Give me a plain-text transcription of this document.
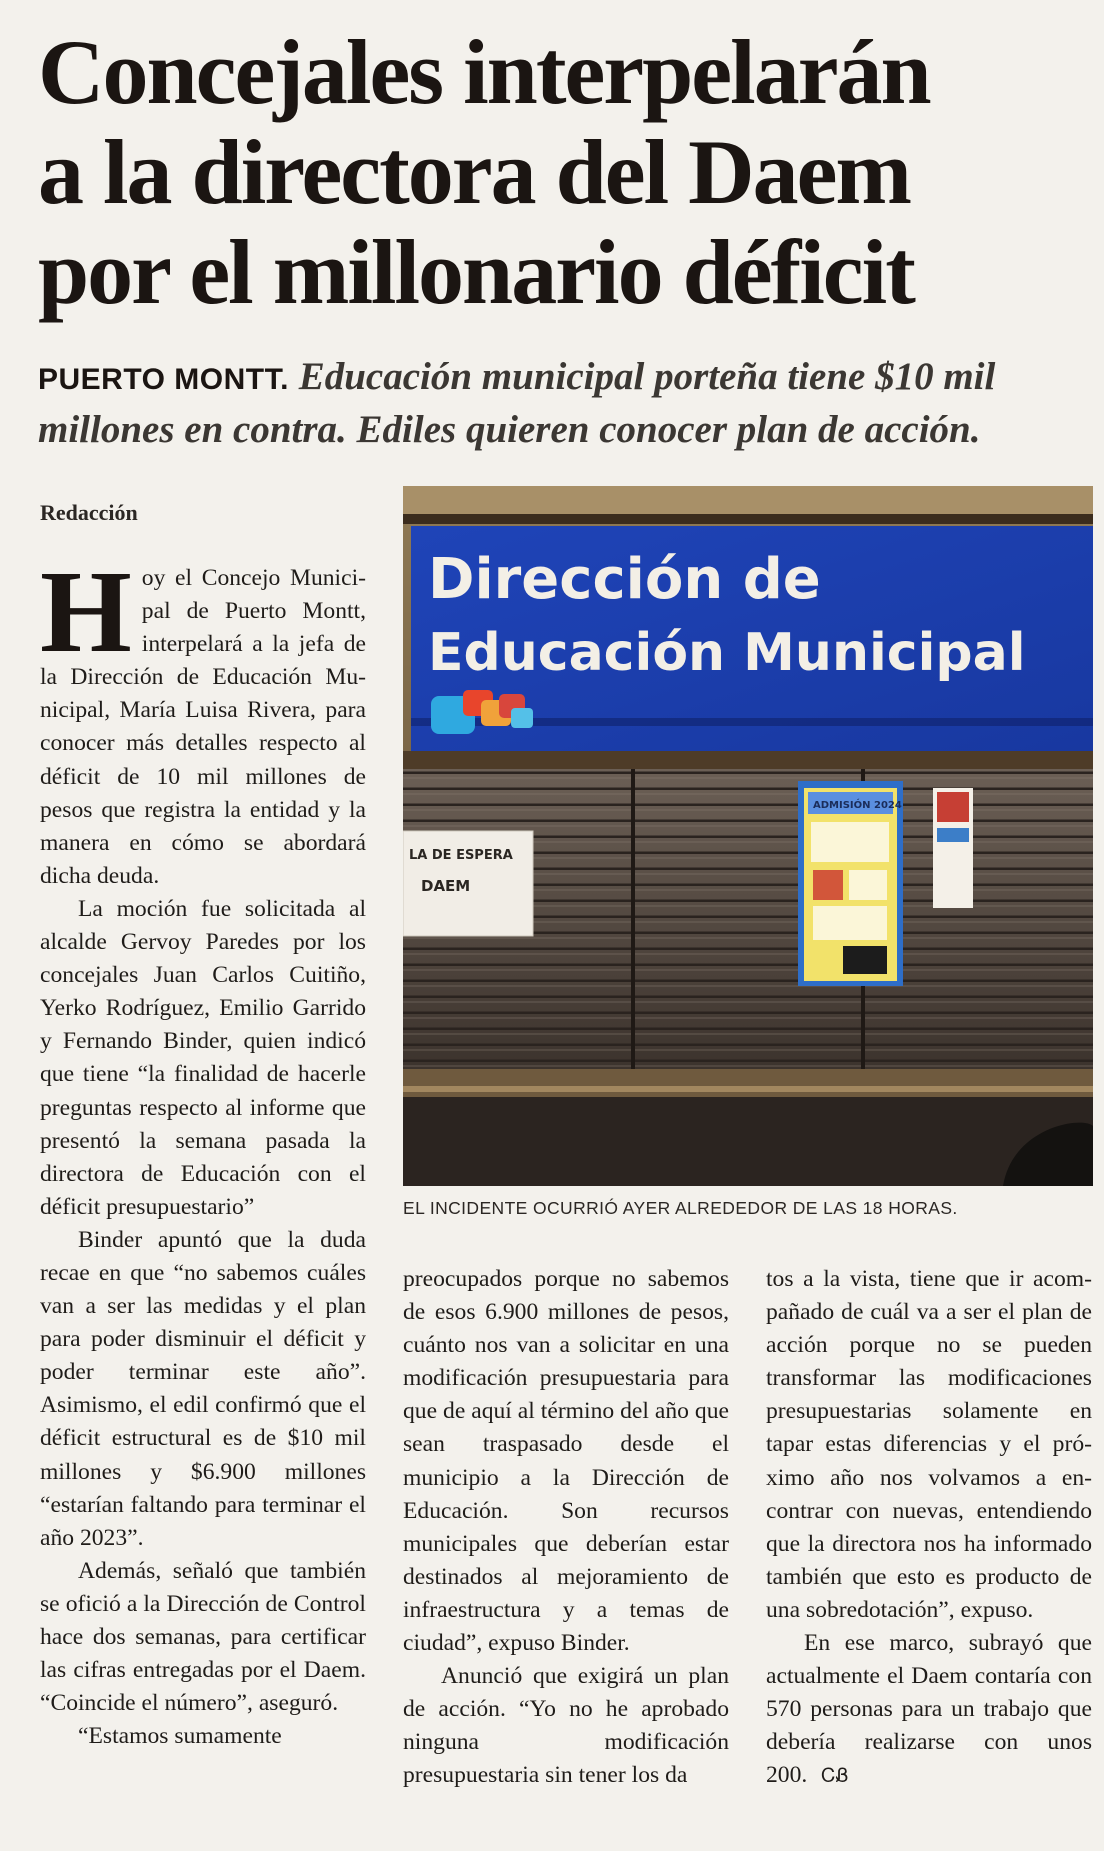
Concejales interpelarán
a la directora del Daem
por el millonario déficit
PUERTO MONTT. Educación municipal porteña tiene $10 mil millones en contra. Ediles quieren conocer plan de acción.
Redacción

Hoy el Concejo Municipal de Puerto Montt, interpelará a la jefa de la Dirección de Educación Municipal, María Luisa Rivera, para conocer más detalles respecto al déficit de 10 mil millones de pesos que registra la entidad y la manera en cómo se abordará dicha deuda.

La moción fue solicitada al alcalde Gervoy Paredes por los concejales Juan Carlos Cuitiño, Yerko Rodríguez, Emilio Garrido y Fernando Binder, quien indicó que tiene “la finalidad de hacerle preguntas respecto al informe que presentó la semana pasada la directora de Educación con el déficit presupuestario”

Binder apuntó que la duda recae en que “no sabemos cuáles van a ser las medidas y el plan para poder disminuir el déficit y poder terminar este año”. Asimismo, el edil confirmó que el déficit estructural es de $10 mil millones y $6.900 millones “estarían faltando para terminar el año 2023”.

Además, señaló que también se ofició a la Dirección de Control hace dos semanas, para certificar las cifras entregadas por el Daem. “Coincide el número”, aseguró.

“Estamos sumamente

Dirección de
Educación Municipal
LA DE ESPERA
DAEM
ADMISIÓN 2024
EL INCIDENTE OCURRIÓ AYER ALREDEDOR DE LAS 18 HORAS.

preocupados porque no sabemos de esos 6.900 millones de pesos, cuánto nos van a solicitar en una modificación presupuestaria para que de aquí al término del año que sean traspasado desde el municipio a la Dirección de Educación. Son recursos municipales que deberían estar destinados al mejoramiento de infraestructura y a temas de ciudad”, expuso Binder.

Anunció que exigirá un plan de acción. “Yo no he aprobado ninguna modificación presupuestaria sin tener los da

tos a la vista, tiene que ir acompañado de cuál va a ser el plan de acción porque no se pueden transformar las modificaciones presupuestarias solamente en tapar estas diferencias y el próximo año nos volvamos a encontrar con nuevas, entendiendo que la directora nos ha informado también que esto es producto de una sobredotación”, expuso.

En ese marco, subrayó que actualmente el Daem contaría con 570 personas para un trabajo que debería realizarse con unos 200. ᏟᏰ
